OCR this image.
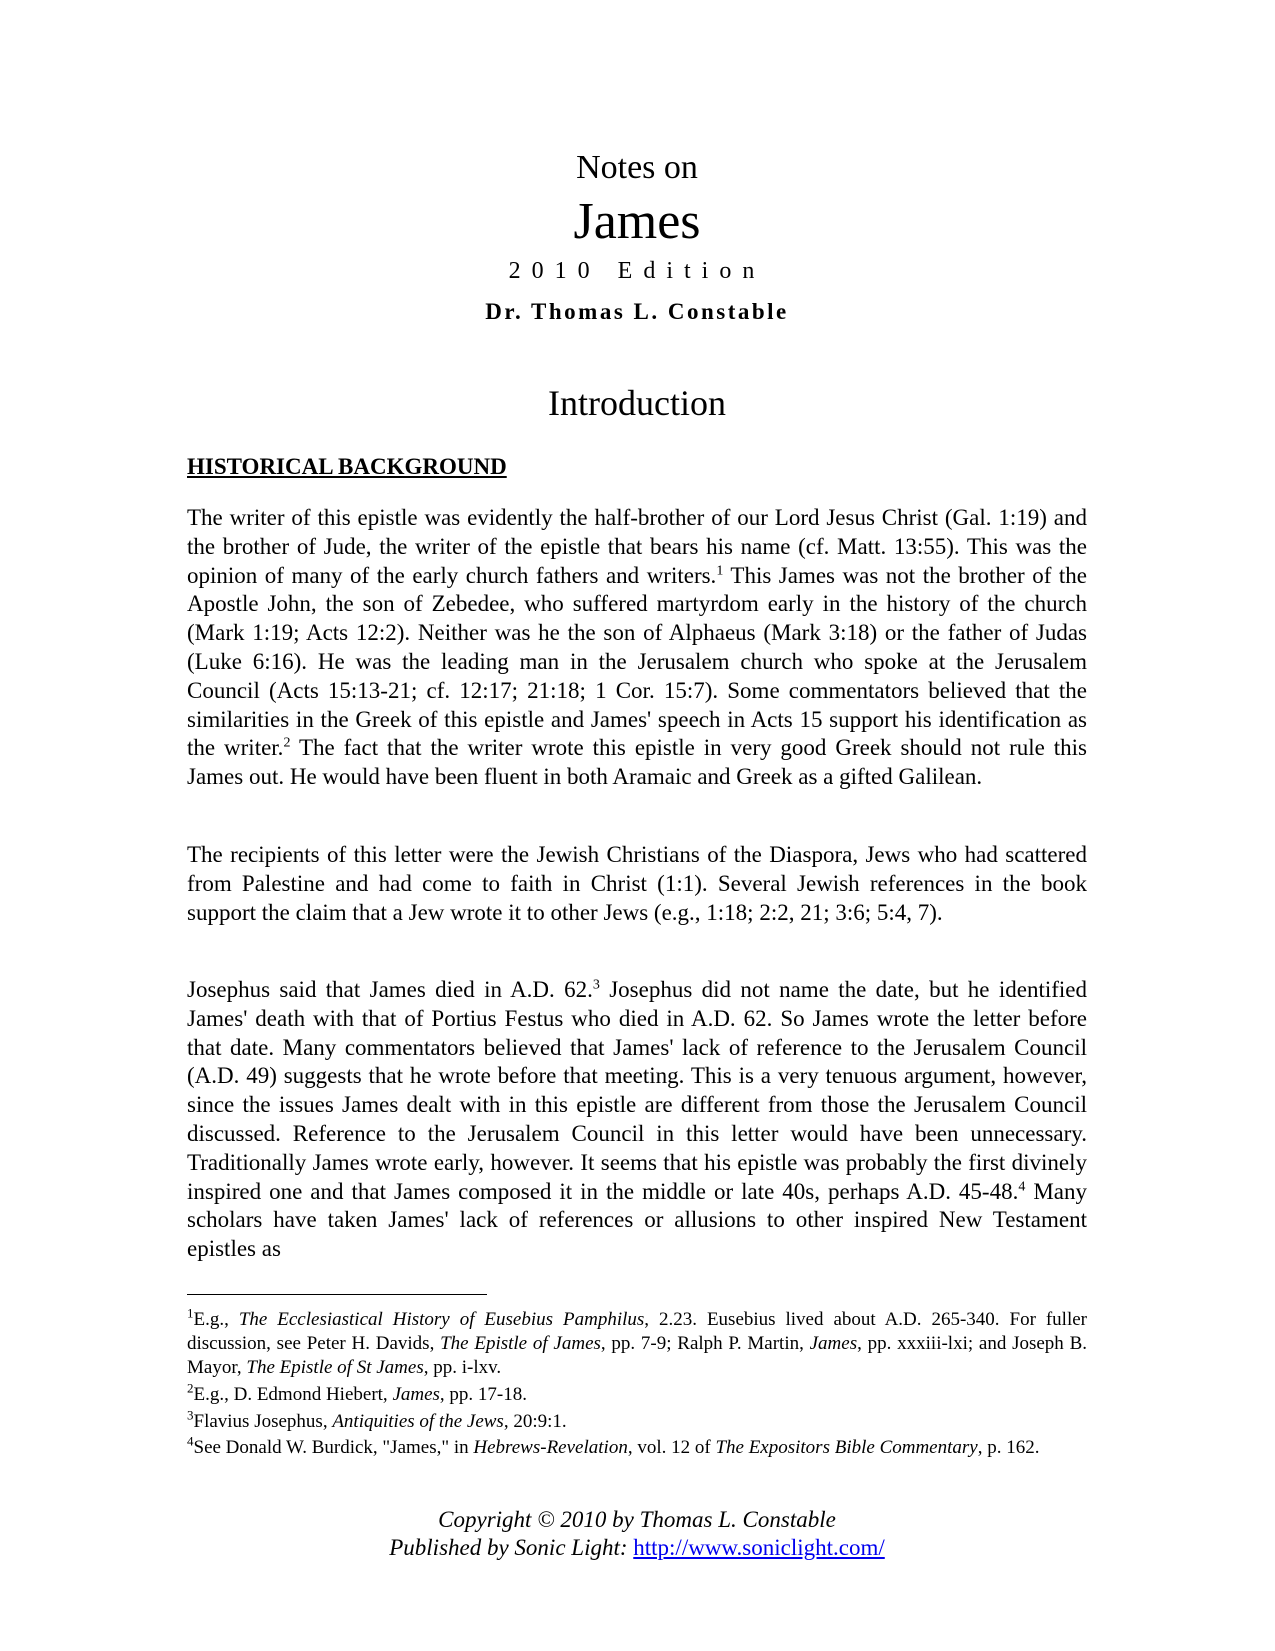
Notes on
James
2010 Edition
Dr. Thomas L. Constable
Introduction
HISTORICAL BACKGROUND
The writer of this epistle was evidently the half-brother of our Lord Jesus Christ (Gal. 1:19) and the brother of Jude, the writer of the epistle that bears his name (cf. Matt. 13:55). This was the opinion of many of the early church fathers and writers.$^1$ This James was not the brother of the Apostle John, the son of Zebedee, who suffered martyrdom early in the history of the church (Mark 1:19; Acts 12:2). Neither was he the son of Alphaeus (Mark 3:18) or the father of Judas (Luke 6:16). He was the leading man in the Jerusalem church who spoke at the Jerusalem Council (Acts 15:13-21; cf. 12:17; 21:18; 1 Cor. 15:7). Some commentators believed that the similarities in the Greek of this epistle and James' speech in Acts 15 support his identification as the writer.$^2$ The fact that the writer wrote this epistle in very good Greek should not rule this James out. He would have been fluent in both Aramaic and Greek as a gifted Galilean.
The recipients of this letter were the Jewish Christians of the Diaspora, Jews who had scattered from Palestine and had come to faith in Christ (1:1). Several Jewish references in the book support the claim that a Jew wrote it to other Jews (e.g., 1:18; 2:2, 21; 3:6; 5:4, 7).
Josephus said that James died in A.D. 62.$^3$ Josephus did not name the date, but he identified James' death with that of Portius Festus who died in A.D. 62. So James wrote the letter before that date. Many commentators believed that James' lack of reference to the Jerusalem Council (A.D. 49) suggests that he wrote before that meeting. This is a very tenuous argument, however, since the issues James dealt with in this epistle are different from those the Jerusalem Council discussed. Reference to the Jerusalem Council in this letter would have been unnecessary. Traditionally James wrote early, however. It seems that his epistle was probably the first divinely inspired one and that James composed it in the middle or late 40s, perhaps A.D. 45-48.$^4$ Many scholars have taken James' lack of references or allusions to other inspired New Testament epistles as
$^1$E.g., The Ecclesiastical History of Eusebius Pamphilus, 2.23. Eusebius lived about A.D. 265-340. For fuller discussion, see Peter H. Davids, The Epistle of James, pp. 7-9; Ralph P. Martin, James, pp. xxxiii-lxi; and Joseph B. Mayor, The Epistle of St James, pp. i-lxv.
$^2$E.g., D. Edmond Hiebert, James, pp. 17-18.
$^3$Flavius Josephus, Antiquities of the Jews, 20:9:1.
$^4$See Donald W. Burdick, "James," in Hebrews-Revelation, vol. 12 of The Expositors Bible Commentary, p. 162.
Copyright © 2010 by Thomas L. Constable
Published by Sonic Light: http://www.soniclight.com/
